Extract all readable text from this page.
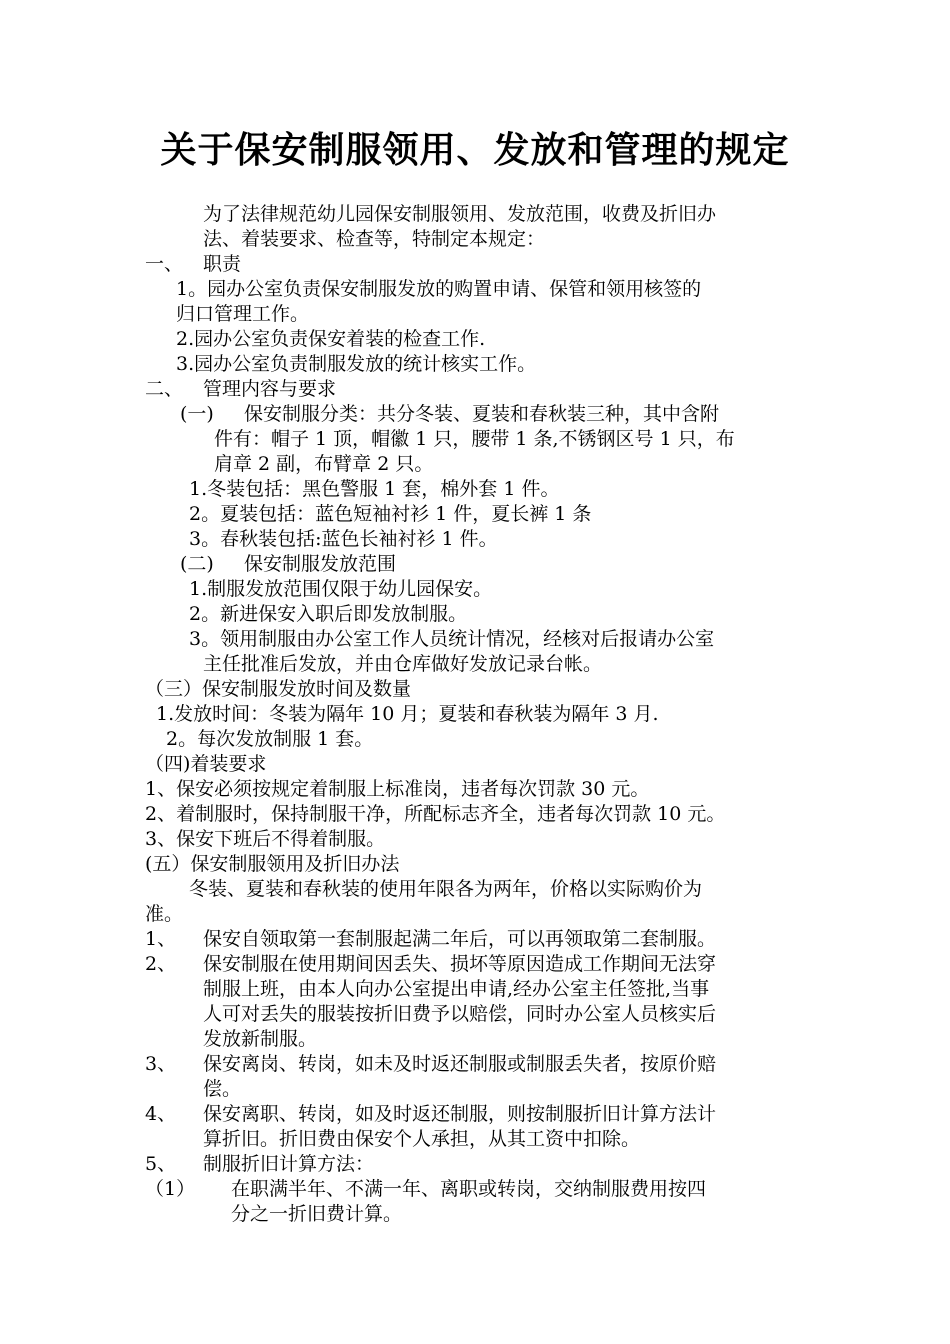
关于保安制服领用、发放和管理的规定
为了法律规范幼儿园保安制服领用、发放范围，收费及折旧办
法、着装要求、检查等，特制定本规定：
一、 职责
1。园办公室负责保安制服发放的购置申请、保管和领用核签的
归口管理工作。
2.园办公室负责保安着装的检查工作.
3.园办公室负责制服发放的统计核实工作。
二、 管理内容与要求
(一) 保安制服分类：共分冬装、夏装和春秋装三种，其中含附
件有：帽子 1 顶，帽徽 1 只，腰带 1 条,不锈钢区号 1 只，布
肩章 2 副，布臂章 2 只。
1.冬装包括：黑色警服 1 套，棉外套 1 件。
2。夏装包括：蓝色短袖衬衫 1 件，夏长裤 1 条
3。春秋装包括:蓝色长袖衬衫 1 件。
(二) 保安制服发放范围
1.制服发放范围仅限于幼儿园保安。
2。新进保安入职后即发放制服。
3。领用制服由办公室工作人员统计情况，经核对后报请办公室
主任批准后发放，并由仓库做好发放记录台帐。
（三）保安制服发放时间及数量
1.发放时间：冬装为隔年 10 月；夏装和春秋装为隔年 3 月.
2。每次发放制服 1 套。
（四)着装要求
1、保安必须按规定着制服上标准岗，违者每次罚款 30 元。
2、着制服时，保持制服干净，所配标志齐全，违者每次罚款 10 元。
3、保安下班后不得着制服。
(五）保安制服领用及折旧办法
冬装、夏装和春秋装的使用年限各为两年，价格以实际购价为
准。
1、 保安自领取第一套制服起满二年后，可以再领取第二套制服。
2、 保安制服在使用期间因丢失、损坏等原因造成工作期间无法穿
制服上班，由本人向办公室提出申请,经办公室主任签批,当事
人可对丢失的服装按折旧费予以赔偿，同时办公室人员核实后
发放新制服。
3、 保安离岗、转岗，如未及时返还制服或制服丢失者，按原价赔
偿。
4、 保安离职、转岗，如及时返还制服，则按制服折旧计算方法计
算折旧。折旧费由保安个人承担，从其工资中扣除。
5、 制服折旧计算方法：
（1） 在职满半年、不满一年、离职或转岗，交纳制服费用按四
分之一折旧费计算。
